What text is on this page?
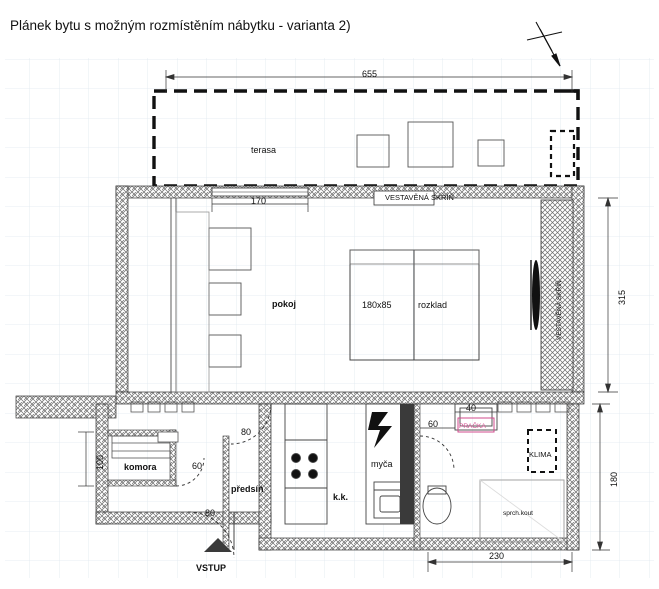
Plánek bytu s možným rozmístěním nábytku - varianta 2)
terasa
pokoj
předsíň
komora
k.k.
sprch.kout
180x85	rozklad
myča
KLIMA
PRAČKA
VESTAVĚNÁ SKŘÍŇ
VESTAVĚNÁ SKŘÍŇ
655
170
315
180
100	60
80
80
60
40
230
VSTUP
